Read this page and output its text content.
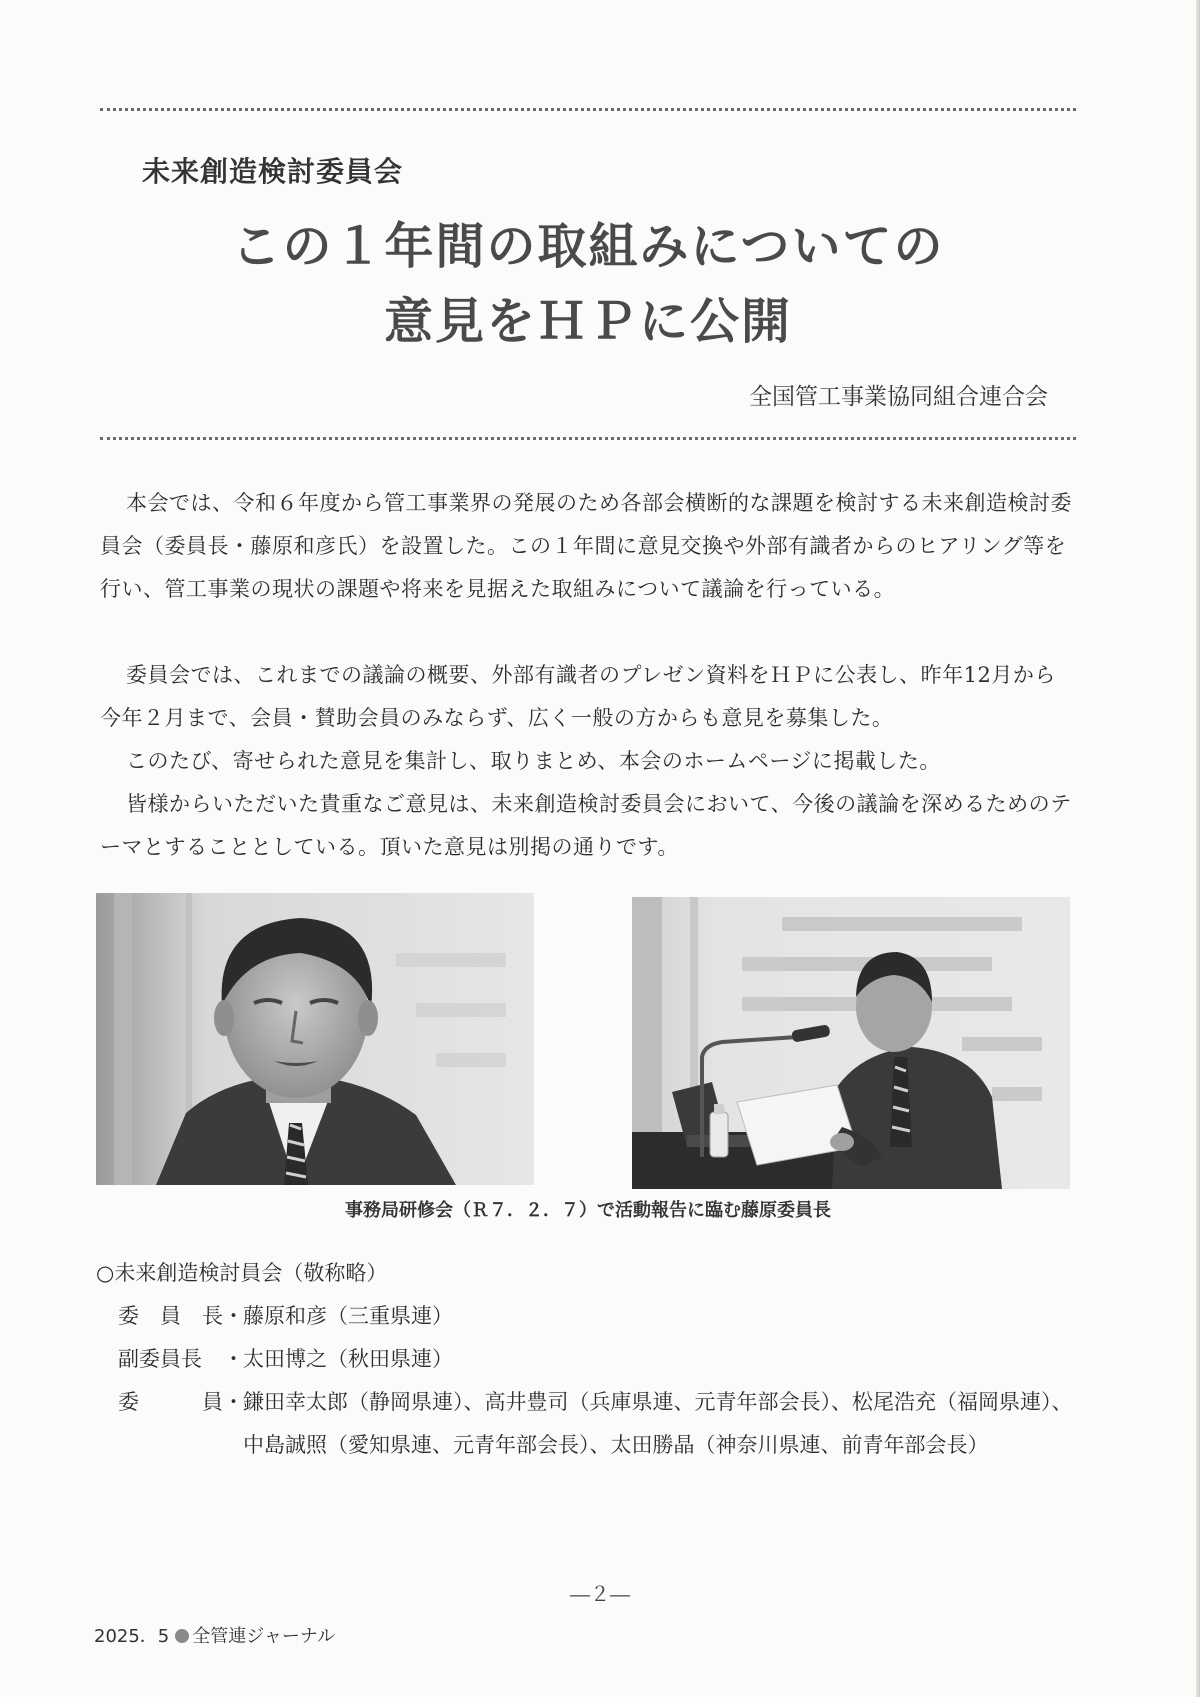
未来創造検討委員会
この１年間の取組みについての
意見をＨＰに公開
全国管工事業協同組合連合会

本会では、令和６年度から管工事業界の発展のため各部会横断的な課題を検討する未来創造検討委員会（委員長・藤原和彦氏）を設置した。この１年間に意見交換や外部有識者からのヒアリング等を行い、管工事業の現状の課題や将来を見据えた取組みについて議論を行っている。

委員会では、これまでの議論の概要、外部有識者のプレゼン資料をＨＰに公表し、昨年12月から今年２月まで、会員・賛助会員のみならず、広く一般の方からも意見を募集した。

このたび、寄せられた意見を集計し、取りまとめ、本会のホームページに掲載した。

皆様からいただいた貴重なご意見は、未来創造検討委員会において、今後の議論を深めるためのテーマとすることとしている。頂いた意見は別掲の通りです。

事務局研修会（Ｒ７．２．７）で活動報告に臨む藤原委員長
○未来創造検討員会（敬称略）
委 員 長 ・ 藤原和彦（三重県連）
副委員長	・ 太田博之（秋田県連）
委	員 ・ 鎌田幸太郎（静岡県連）、高井豊司（兵庫県連、元青年部会長）、松尾浩充（福岡県連）、中島誠照（愛知県連、元青年部会長）、太田勝晶（神奈川県連、前青年部会長）
―２―
2025．5 全管連ジャーナル
